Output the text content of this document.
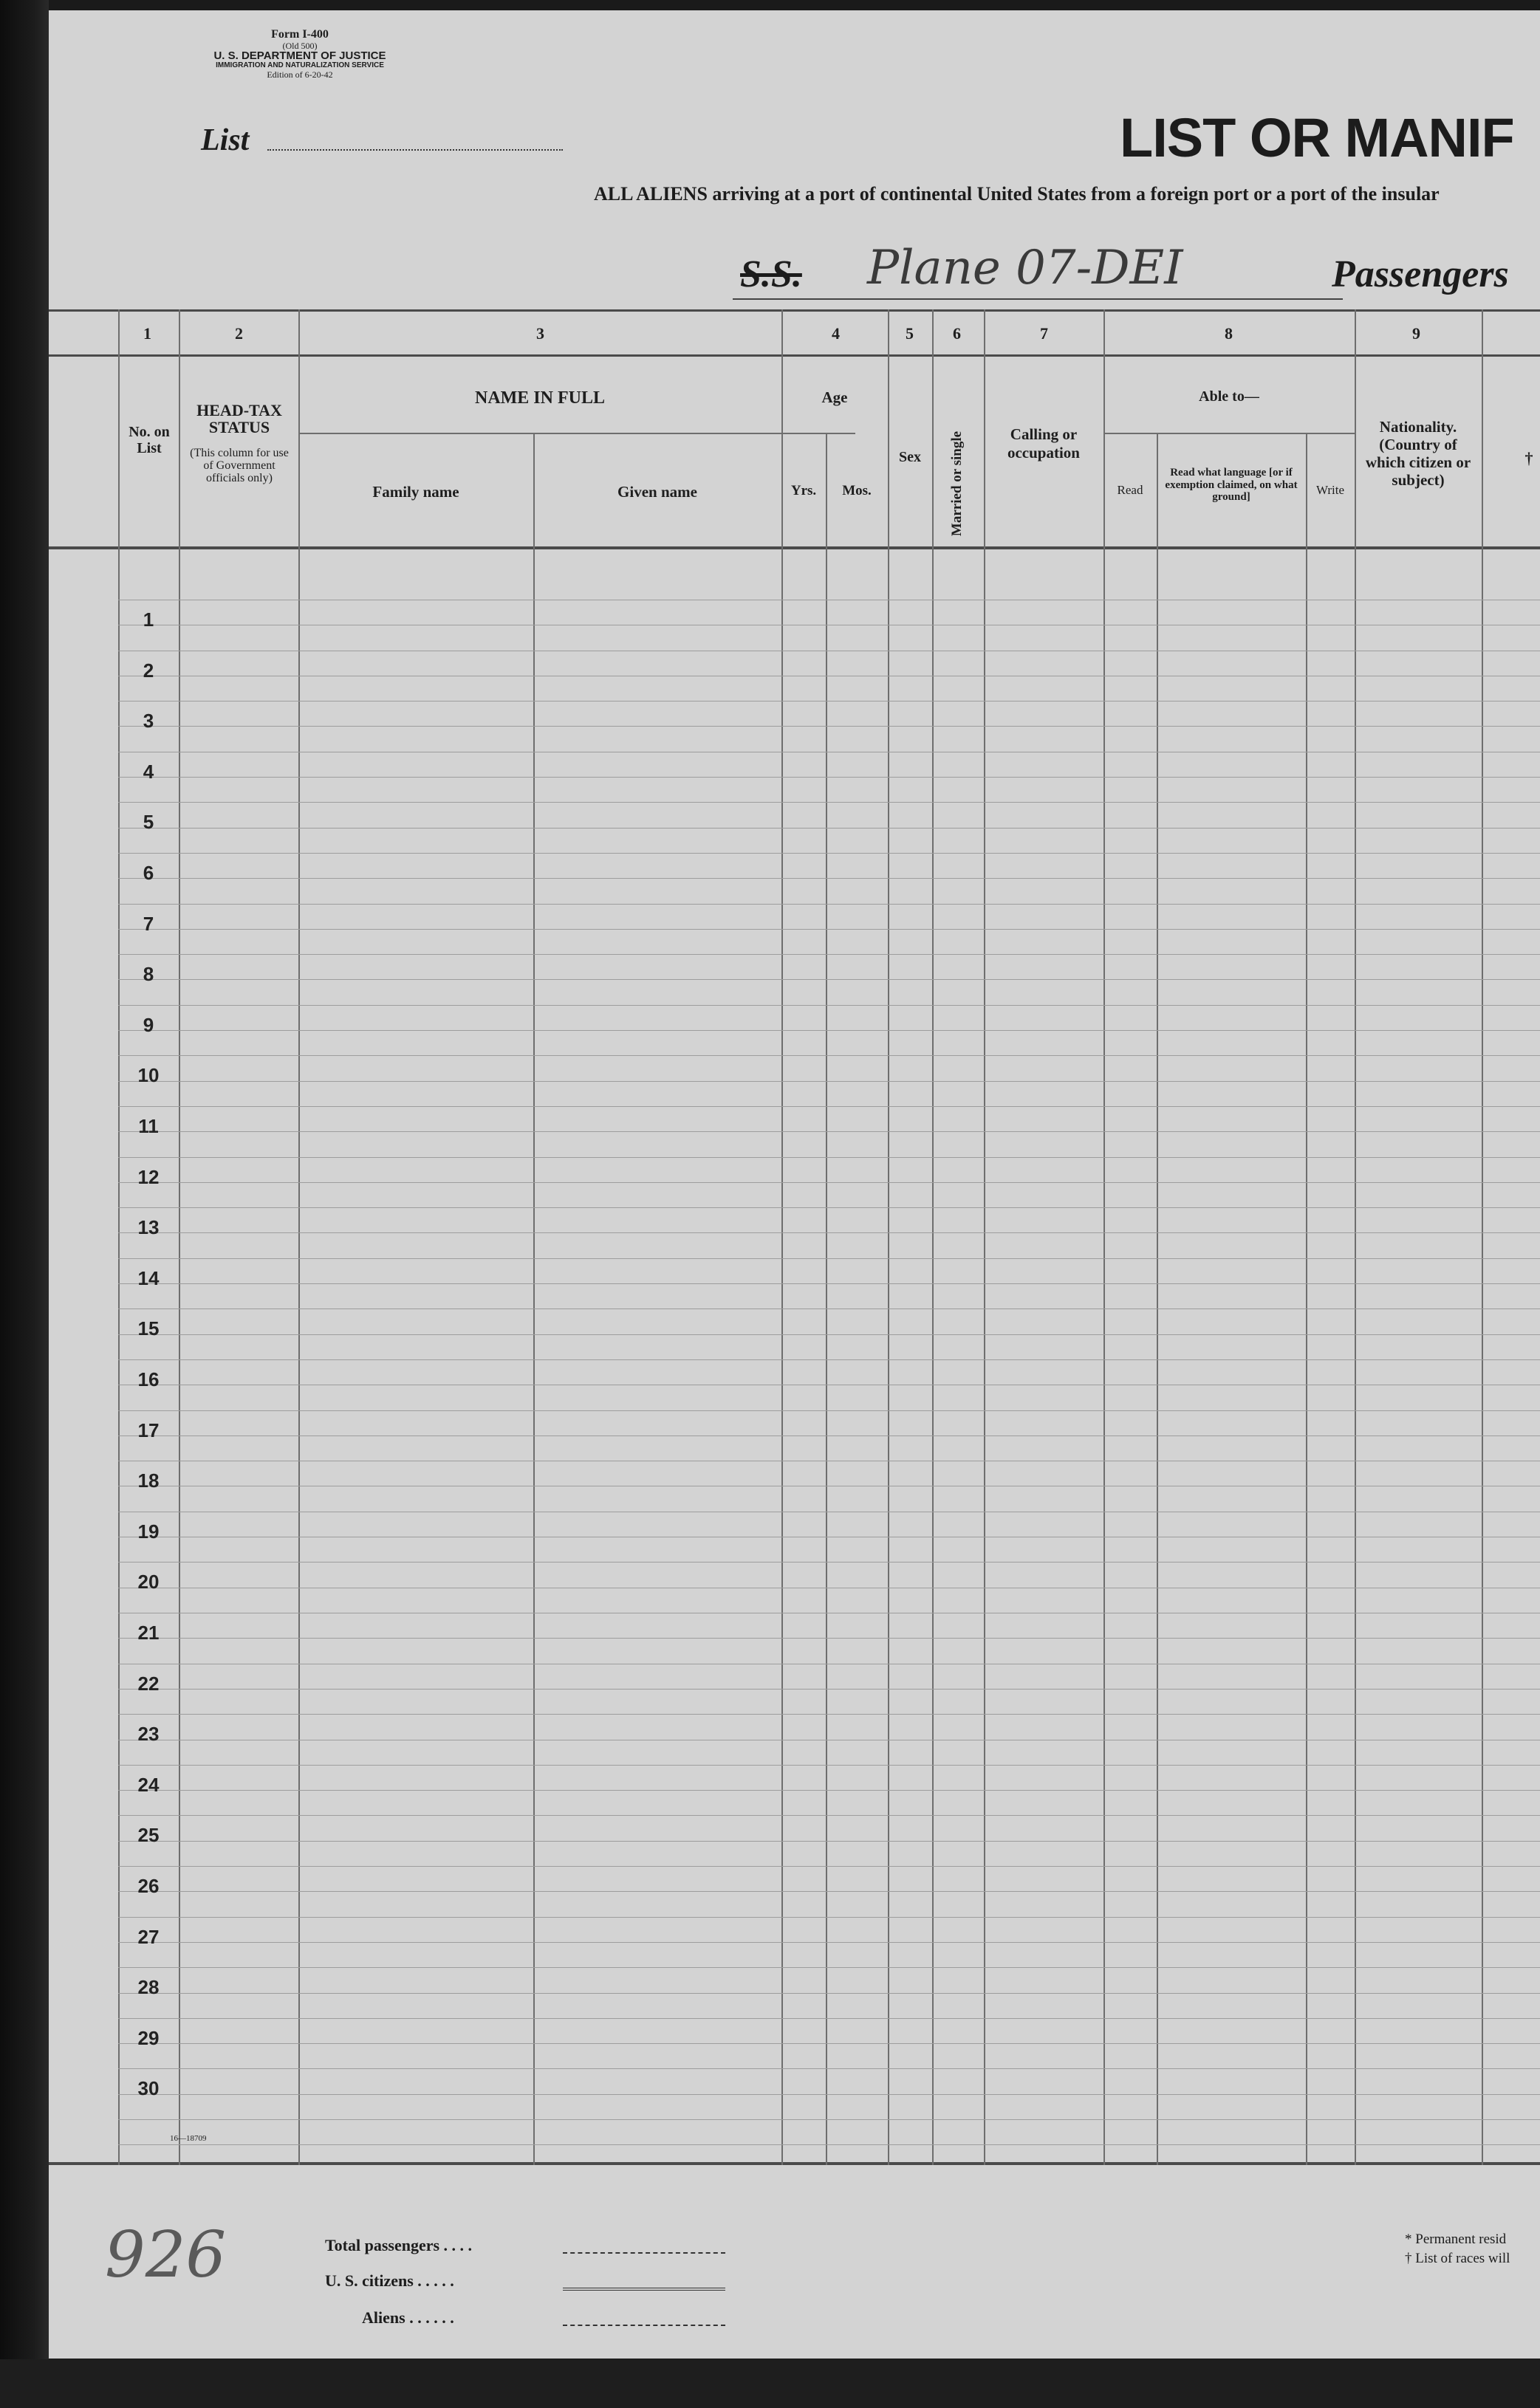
Form I-400
(Old 500)
U. S. DEPARTMENT OF JUSTICE
IMMIGRATION AND NATURALIZATION SERVICE
Edition of 6-20-42
List	LIST OR MANIF
ALL ALIENS arriving at a port of continental United States from a foreign port or a port of the insular
S.S. Plane 07-DEI	Passengers
1	2	3	4	5 6	7	8	9
No. on List
HEAD-TAX STATUS
(This column for use of Government officials only)
NAME IN FULL
Family name	Given name
Age
Yrs.	Mos.
Sex	Married or single	Calling or occupation
Able to—
Read
Read what language [or if exemption claimed, on what ground]	Write
Nationality. (Country of which citizen or subject)
†
1
2
3
4
5
6
7
8
9
10
11
12
13
14
15
16
17
18
19
20
21
22
23
24
25
26
27
28
29
30
16—18709
926	Total passengers . . . .
U. S. citizens . . . . .
Aliens . . . . . .
* Permanent resid
† List of races will
